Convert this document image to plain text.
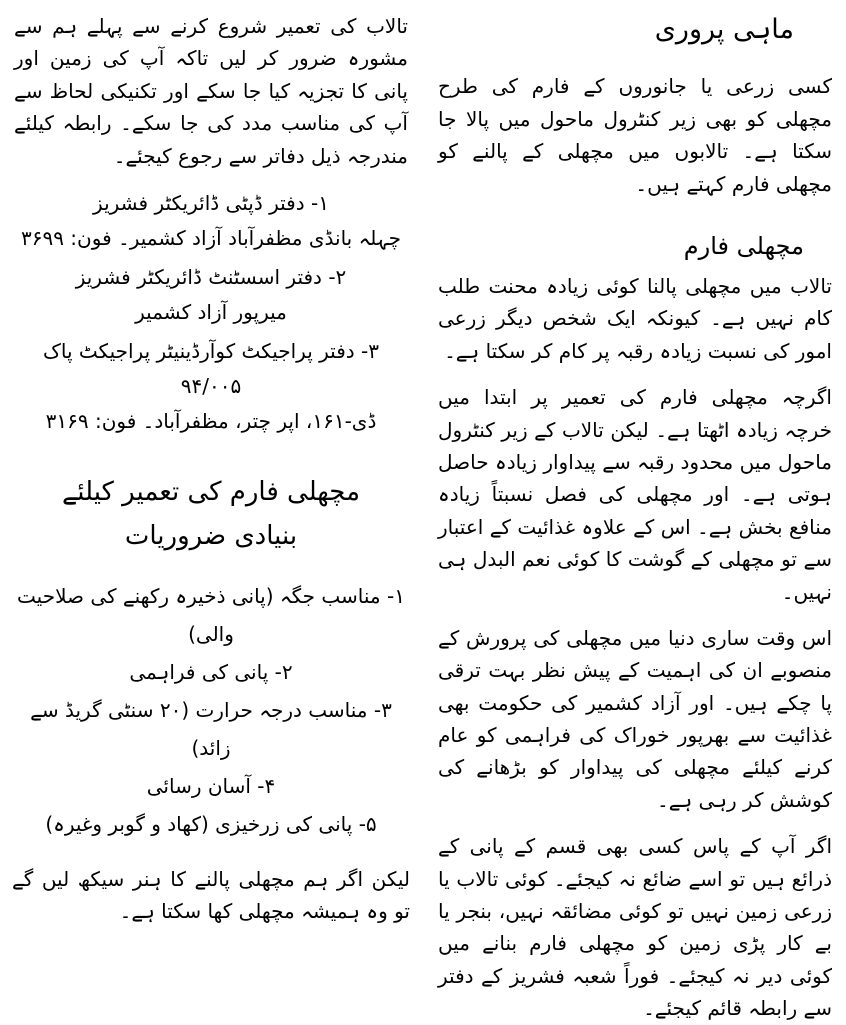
ماہی پروری

کسی زرعی یا جانوروں کے فارم کی طرح مچھلی کو بھی زیر کنٹرول ماحول میں پالا جا سکتا ہے۔ تالابوں میں مچھلی کے پالنے کو مچھلی فارم کہتے ہیں۔

مچھلی فارم

تالاب میں مچھلی پالنا کوئی زیادہ محنت طلب کام نہیں ہے۔ کیونکہ ایک شخص دیگر زرعی امور کی نسبت زیادہ رقبہ پر کام کر سکتا ہے۔

اگرچہ مچھلی فارم کی تعمیر پر ابتدا میں خرچہ زیادہ اٹھتا ہے۔ لیکن تالاب کے زیر کنٹرول ماحول میں محدود رقبہ سے پیداوار زیادہ حاصل ہوتی ہے۔ اور مچھلی کی فصل نسبتاً زیادہ منافع بخش ہے۔ اس کے علاوہ غذائیت کے اعتبار سے تو مچھلی کے گوشت کا کوئی نعم البدل ہی نہیں۔

اس وقت ساری دنیا میں مچھلی کی پرورش کے منصوبے ان کی اہمیت کے پیش نظر بہت ترقی پا چکے ہیں۔ اور آزاد کشمیر کی حکومت بھی غذائیت سے بھرپور خوراک کی فراہمی کو عام کرنے کیلئے مچھلی کی پیداوار کو بڑھانے کی کوشش کر رہی ہے۔

اگر آپ کے پاس کسی بھی قسم کے پانی کے ذرائع ہیں تو اسے ضائع نہ کیجئے۔ کوئی تالاب یا زرعی زمین نہیں تو کوئی مضائقہ نہیں، بنجر یا بے کار پڑی زمین کو مچھلی فارم بنانے میں کوئی دیر نہ کیجئے۔ فوراً شعبہ فشریز کے دفتر سے رابطہ قائم کیجئے۔

تالاب کی تعمیر شروع کرنے سے پہلے ہم سے مشورہ ضرور کر لیں تاکہ آپ کی زمین اور پانی کا تجزیہ کیا جا سکے اور تکنیکی لحاظ سے آپ کی مناسب مدد کی جا سکے۔ رابطہ کیلئے مندرجہ ذیل دفاتر سے رجوع کیجئے۔

۱- دفتر ڈپٹی ڈائریکٹر فشریز
چہلہ بانڈی مظفرآباد آزاد کشمیر۔ فون: ۳۶۹۹
۲- دفتر اسسٹنٹ ڈائریکٹر فشریز
میرپور آزاد کشمیر
۳- دفتر پراجیکٹ کوآرڈینیٹر پراجیکٹ پاک ۹۴/۰۰۵
ڈی-۱۶۱، اپر چتر، مظفرآباد۔ فون: ۳۱۶۹
مچھلی فارم کی تعمیر کیلئے
بنیادی ضروریات
۱- مناسب جگہ (پانی ذخیرہ رکھنے کی صلاحیت والی)
۲- پانی کی فراہمی
۳- مناسب درجہ حرارت (۲۰ سنٹی گریڈ سے زائد)
۴- آسان رسائی
۵- پانی کی زرخیزی (کھاد و گوبر وغیرہ)

لیکن اگر ہم مچھلی پالنے کا ہنر سیکھ لیں گے تو وہ ہمیشہ مچھلی کھا سکتا ہے۔
